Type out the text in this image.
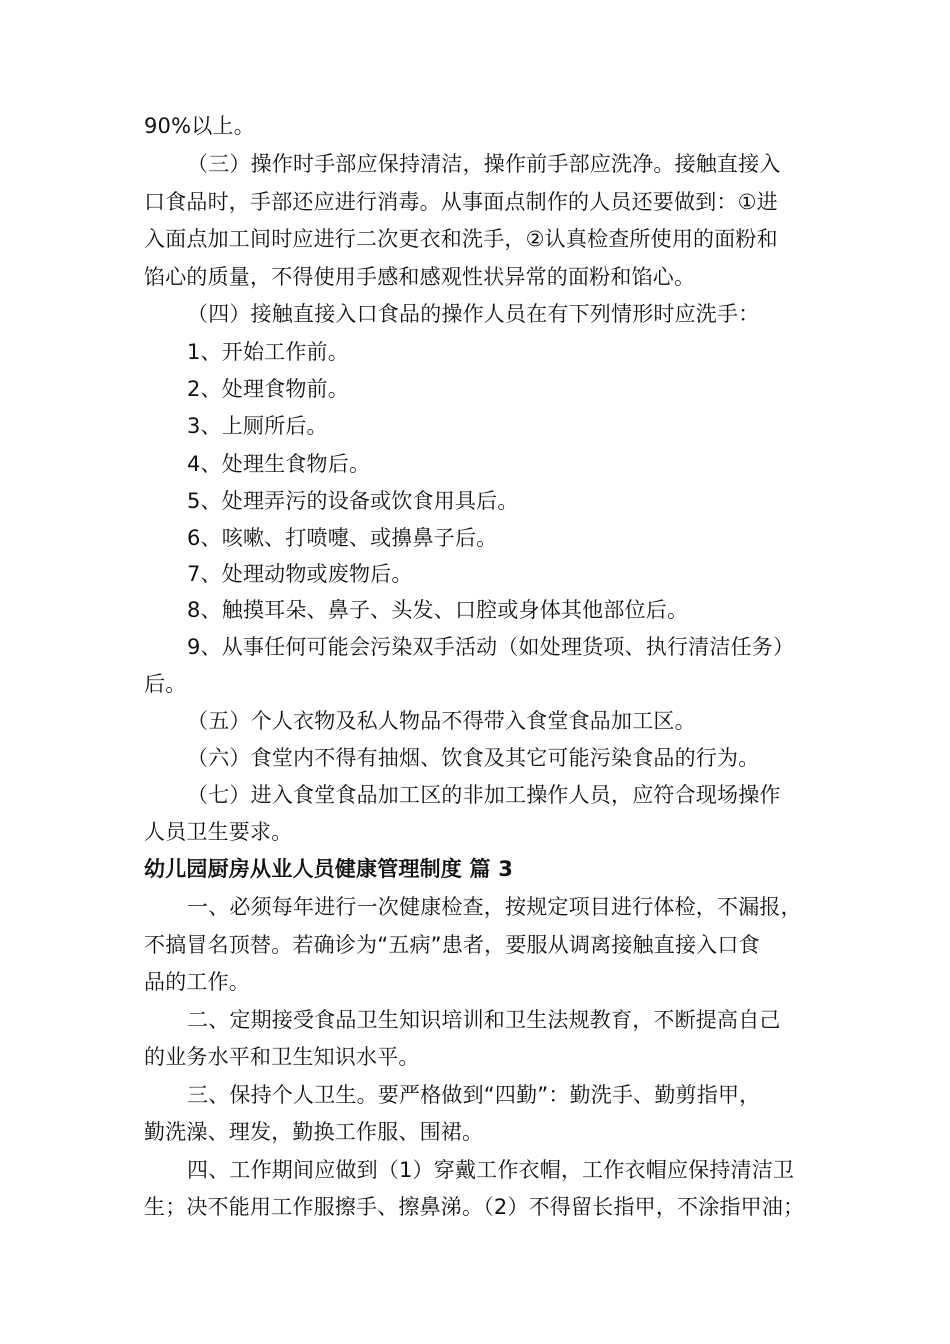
90%以上。
（三）操作时手部应保持清洁，操作前手部应洗净。接触直接入
口食品时，手部还应进行消毒。从事面点制作的人员还要做到：①进
入面点加工间时应进行二次更衣和洗手，②认真检查所使用的面粉和
馅心的质量，不得使用手感和感观性状异常的面粉和馅心。
（四）接触直接入口食品的操作人员在有下列情形时应洗手：
1、开始工作前。
2、处理食物前。
3、上厕所后。
4、处理生食物后。
5、处理弄污的设备或饮食用具后。
6、咳嗽、打喷嚏、或擤鼻子后。
7、处理动物或废物后。
8、触摸耳朵、鼻子、头发、口腔或身体其他部位后。
9、从事任何可能会污染双手活动（如处理货项、执行清洁任务）
后。
（五）个人衣物及私人物品不得带入食堂食品加工区。
（六）食堂内不得有抽烟、饮食及其它可能污染食品的行为。
（七）进入食堂食品加工区的非加工操作人员，应符合现场操作
人员卫生要求。
幼儿园厨房从业人员健康管理制度 篇 3
一、必须每年进行一次健康检查，按规定项目进行体检，不漏报，
不搞冒名顶替。若确诊为“五病”患者，要服从调离接触直接入口食
品的工作。
二、定期接受食品卫生知识培训和卫生法规教育，不断提高自己
的业务水平和卫生知识水平。
三、保持个人卫生。要严格做到“四勤”：勤洗手、勤剪指甲，
勤洗澡、理发，勤换工作服、围裙。
四、工作期间应做到（1）穿戴工作衣帽，工作衣帽应保持清洁卫
生；决不能用工作服擦手、擦鼻涕。（2）不得留长指甲，不涂指甲油；
